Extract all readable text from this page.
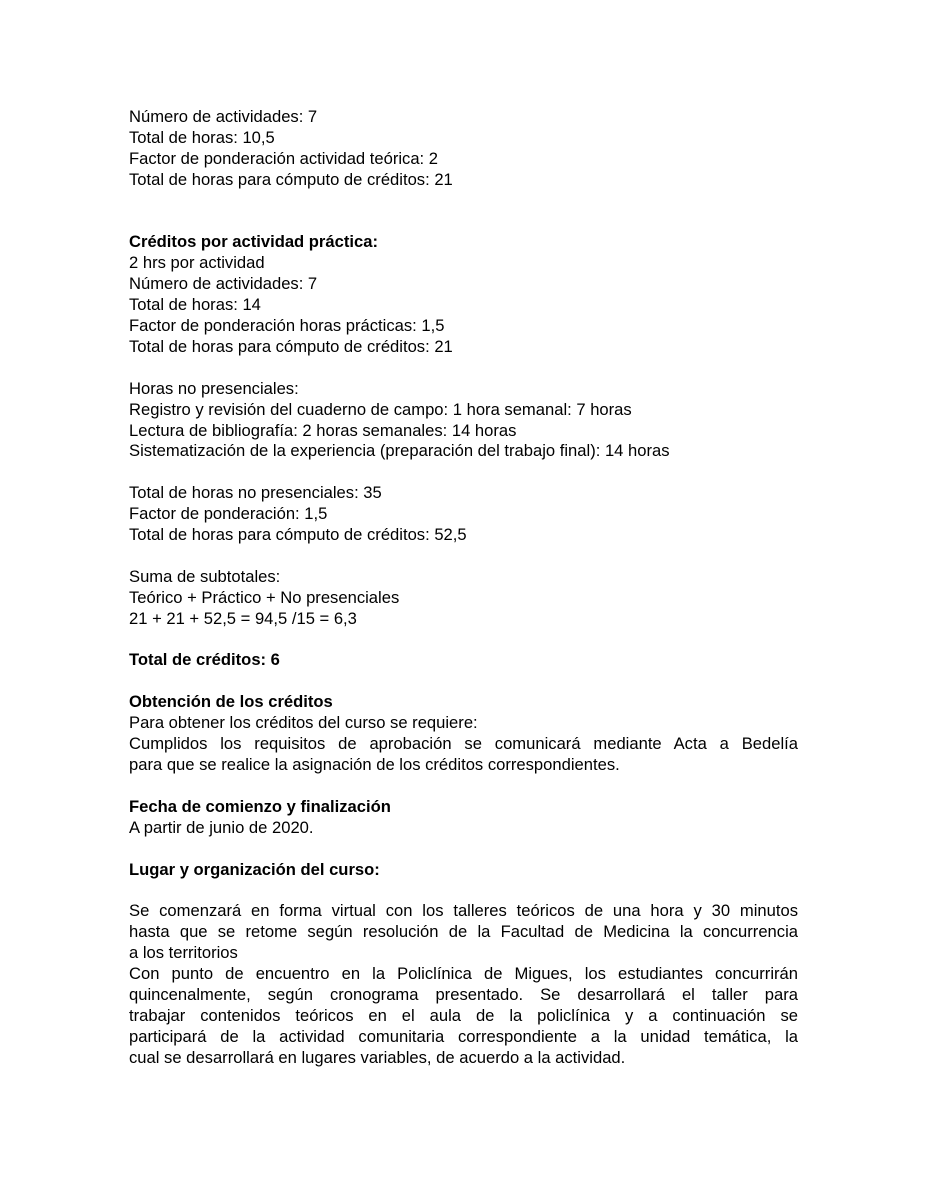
Número de actividades: 7
Total de horas: 10,5
Factor de ponderación actividad teórica: 2
Total de horas para cómputo de créditos: 21
Créditos por actividad práctica:
2 hrs por actividad
Número de actividades: 7
Total de horas: 14
Factor de ponderación horas prácticas: 1,5
Total de horas para cómputo de créditos: 21
Horas no presenciales:
Registro y revisión del cuaderno de campo: 1 hora semanal: 7 horas
Lectura de bibliografía: 2 horas semanales: 14 horas
Sistematización de la experiencia (preparación del trabajo final): 14 horas
Total de horas no presenciales: 35
Factor de ponderación: 1,5
Total de horas para cómputo de créditos: 52,5
Suma de subtotales:
Teórico + Práctico + No presenciales
21 + 21 + 52,5 = 94,5 /15 = 6,3
Total de créditos: 6
Obtención de los créditos
Para obtener los créditos del curso se requiere:
Cumplidos los requisitos de aprobación se comunicará mediante Acta a Bedelía
para que se realice la asignación de los créditos correspondientes.
Fecha de comienzo y finalización
A partir de junio de 2020.
Lugar y organización del curso:
Se comenzará en forma virtual con los talleres teóricos de una hora y 30 minutos
hasta que se retome según resolución de la Facultad de Medicina la concurrencia
a los territorios
Con punto de encuentro en la Policlínica de Migues, los estudiantes concurrirán
quincenalmente, según cronograma presentado. Se desarrollará el taller para
trabajar contenidos teóricos en el aula de la policlínica y a continuación se
participará de la actividad comunitaria correspondiente a la unidad temática, la
cual se desarrollará en lugares variables, de acuerdo a la actividad.
